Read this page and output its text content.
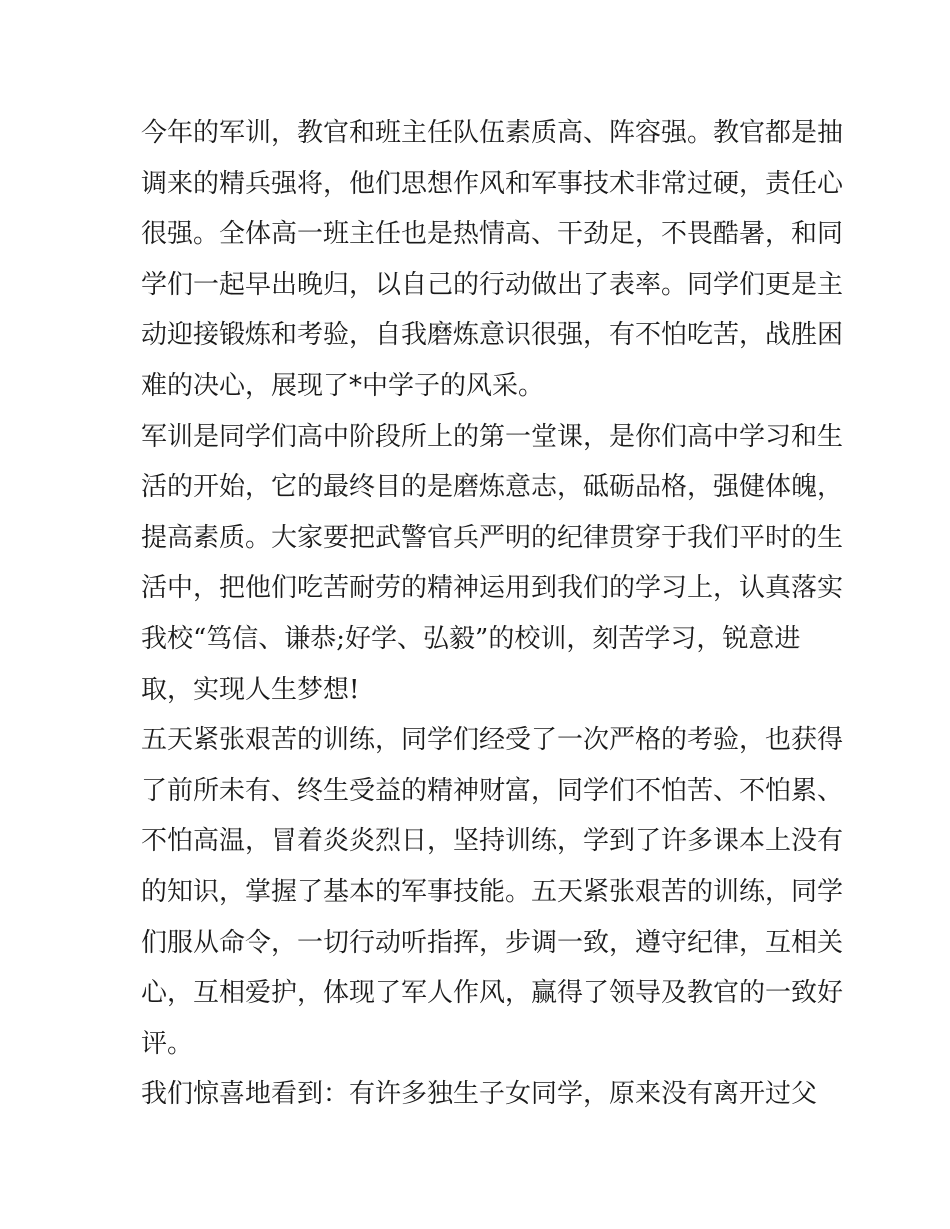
今年的军训，教官和班主任队伍素质高、阵容强。教官都是抽
调来的精兵强将，他们思想作风和军事技术非常过硬，责任心
很强。全体高一班主任也是热情高、干劲足，不畏酷暑，和同
学们一起早出晚归，以自己的行动做出了表率。同学们更是主
动迎接锻炼和考验，自我磨炼意识很强，有不怕吃苦，战胜困
难的决心，展现了*中学子的风采。
军训是同学们高中阶段所上的第一堂课，是你们高中学习和生
活的开始，它的最终目的是磨炼意志，砥砺品格，强健体魄，
提高素质。大家要把武警官兵严明的纪律贯穿于我们平时的生
活中，把他们吃苦耐劳的精神运用到我们的学习上，认真落实
我校“笃信、谦恭;好学、弘毅”的校训，刻苦学习，锐意进
取，实现人生梦想!
五天紧张艰苦的训练，同学们经受了一次严格的考验，也获得
了前所未有、终生受益的精神财富，同学们不怕苦、不怕累、
不怕高温，冒着炎炎烈日，坚持训练，学到了许多课本上没有
的知识，掌握了基本的军事技能。五天紧张艰苦的训练，同学
们服从命令，一切行动听指挥，步调一致，遵守纪律，互相关
心，互相爱护，体现了军人作风，赢得了领导及教官的一致好
评。
我们惊喜地看到：有许多独生子女同学，原来没有离开过父
